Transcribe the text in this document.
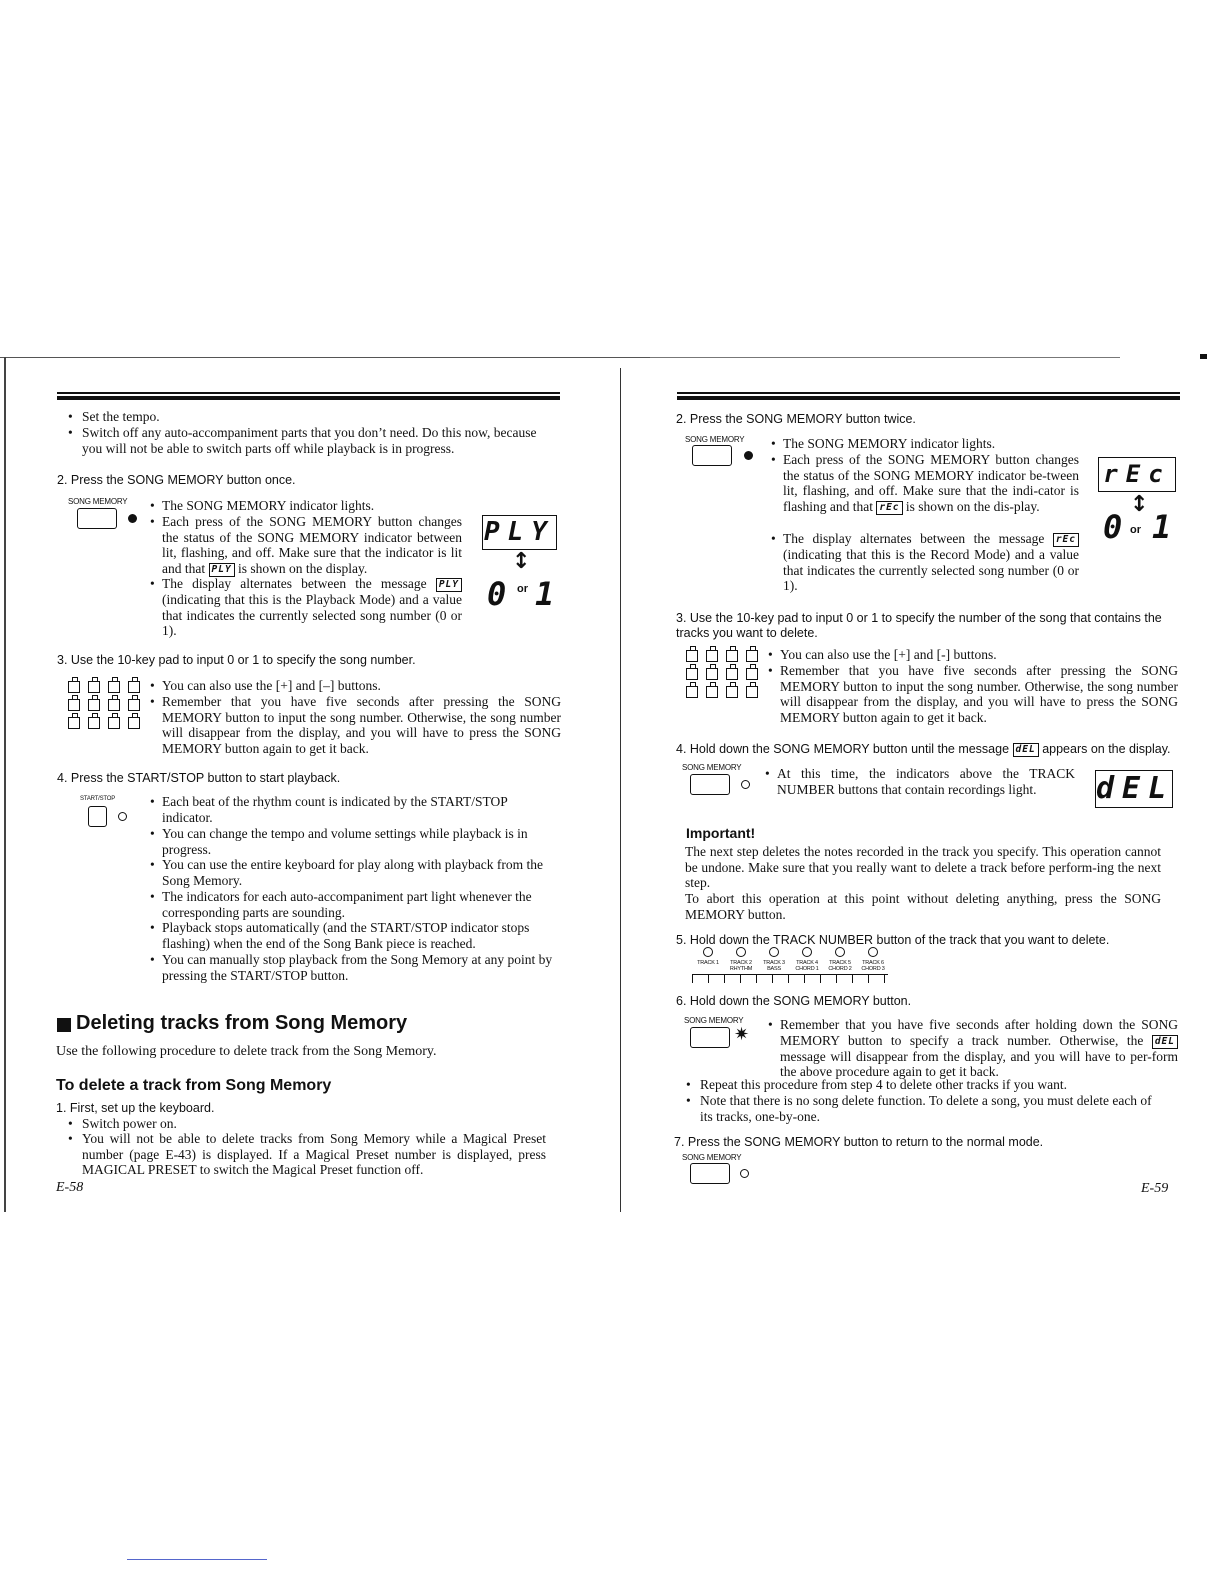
• Set the tempo.
• Switch off any auto-accompaniment parts that you don’t need. Do this now, because you will not be able to switch parts off while playback is in progress.
2. Press the SONG MEMORY button once.
SONG MEMORY	• The SONG MEMORY indicator lights.
• Each press of the SONG MEMORY button changes the status of the SONG MEMORY indicator between lit, flashing, and off. Make sure that the indicator is lit and that PLY is shown on the display.
• The display alternates between the message PLY (indicating that this is the Playback Mode) and a value that indicates the currently selected song number (0 or 1).
PLY
↕
0 or 1
3. Use the 10-key pad to input 0 or 1 to specify the song number.
• You can also use the [+] and [–] buttons.
• Remember that you have five seconds after pressing the SONG MEMORY button to input the song number. Otherwise, the song number will disappear from the display, and you will have to press the SONG MEMORY button again to get it back.
4. Press the START/STOP button to start playback.
START/STOP	• Each beat of the rhythm count is indicated by the START/STOP indicator.
• You can change the tempo and volume settings while playback is in progress.
• You can use the entire keyboard for play along with playback from the Song Memory.
• The indicators for each auto-accompaniment part light whenever the corresponding parts are sounding.
• Playback stops automatically (and the START/STOP indicator stops flashing) when the end of the Song Bank piece is reached.
• You can manually stop playback from the Song Memory at any point by pressing the START/STOP button.
Deleting tracks from Song Memory
Use the following procedure to delete track from the Song Memory.
To delete a track from Song Memory
1. First, set up the keyboard.
• Switch power on.
• You will not be able to delete tracks from Song Memory while a Magical Preset number (page E-43) is displayed. If a Magical Preset number is displayed, press MAGICAL PRESET to switch the Magical Preset function off.
E-58
2. Press the SONG MEMORY button twice.
SONG MEMORY	• The SONG MEMORY indicator lights.
• Each press of the SONG MEMORY button changes the status of the SONG MEMORY indicator be-tween lit, flashing, and off. Make sure that the indi-cator is flashing and that rEc is shown on the dis-play.
• The display alternates between the message rEc (indicating that this is the Record Mode) and a value that indicates the currently selected song number (0 or 1).
rEc
↕
0 or 1
3. Use the 10-key pad to input 0 or 1 to specify the number of the song that contains the tracks you want to delete.
• You can also use the [+] and [-] buttons.
• Remember that you have five seconds after pressing the SONG MEMORY button to input the song number. Otherwise, the song number will disappear from the display, and you will have to press the SONG MEMORY button again to get it back.
4. Hold down the SONG MEMORY button until the message dEL appears on the display.
SONG MEMORY	• At this time, the indicators above the TRACK NUMBER buttons that contain recordings light.	dEL
Important!
The next step deletes the notes recorded in the track you specify. This operation cannot be undone. Make sure that you really want to delete a track before perform-ing the next step.
To abort this operation at this point without deleting anything, press the SONG MEMORY button.
5. Hold down the TRACK NUMBER button of the track that you want to delete.
TRACK 1 TRACK 2
RHYTHM
TRACK 3
BASS
TRACK 4
CHORD 1
TRACK 5
CHORD 2
TRACK 6
CHORD 3
6. Hold down the SONG MEMORY button.
SONG MEMORY
✷	• Remember that you have five seconds after holding down the SONG MEMORY button to specify a track number. Otherwise, the dEL message will disappear from the display, and you will have to per-form the above procedure again to get it back.
• Repeat this procedure from step 4 to delete other tracks if you want.
• Note that there is no song delete function. To delete a song, you must delete each of its tracks, one-by-one.
7. Press the SONG MEMORY button to return to the normal mode.
SONG MEMORY
E-59
